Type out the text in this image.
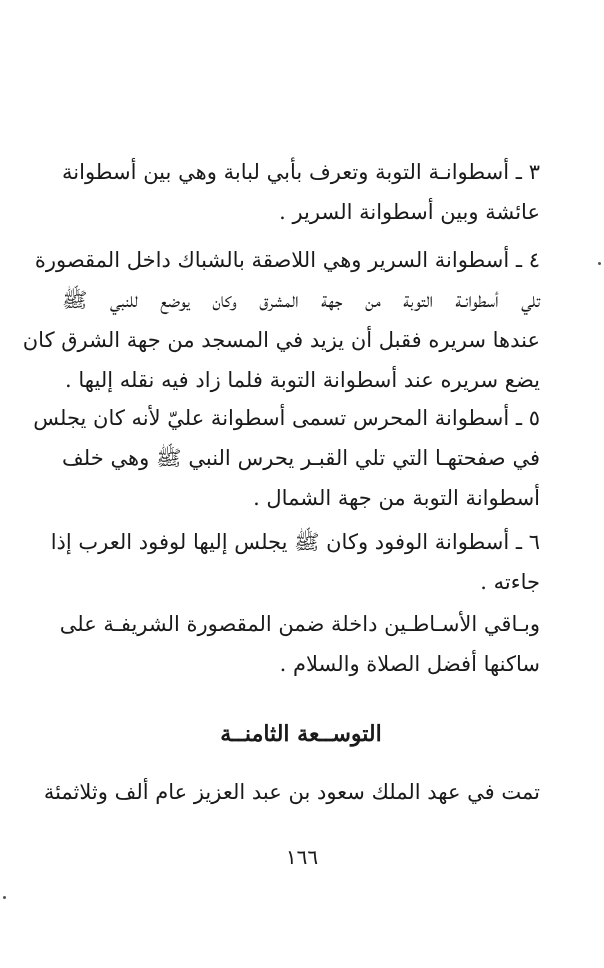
٣ ـ أسطوانـة التوبة وتعرف بأبي لبابة وهي بين أسطوانة
عائشة وبين أسطوانة السرير .
٤ ـ أسطوانة السرير وهي اللاصقة بالشباك داخل المقصورة
تلي أسطوانـة التوبة من جهة المشرق وكان يوضع للنبي ﷺ
عندها سريره فقبل أن يزيد في المسجد من جهة الشرق كان
يضع سريره عند أسطوانة التوبة فلما زاد فيه نقله إليها .
٥ ـ أسطوانة المحرس تسمى أسطوانة عليّ لأنه كان يجلس
في صفحتهـا التي تلي القبـر يحرس النبي ﷺ وهي خلف
أسطوانة التوبة من جهة الشمال .
٦ ـ أسطوانة الوفود وكان ﷺ يجلس إليها لوفود العرب إذا
جاءته .
وبـاقي الأسـاطـين داخلة ضمن المقصورة الشريفـة على
ساكنها أفضل الصلاة والسلام .
التوســعة الثامنــة
تمت في عهد الملك سعود بن عبد العزيز عام ألف وثلاثمئة
١٦٦
